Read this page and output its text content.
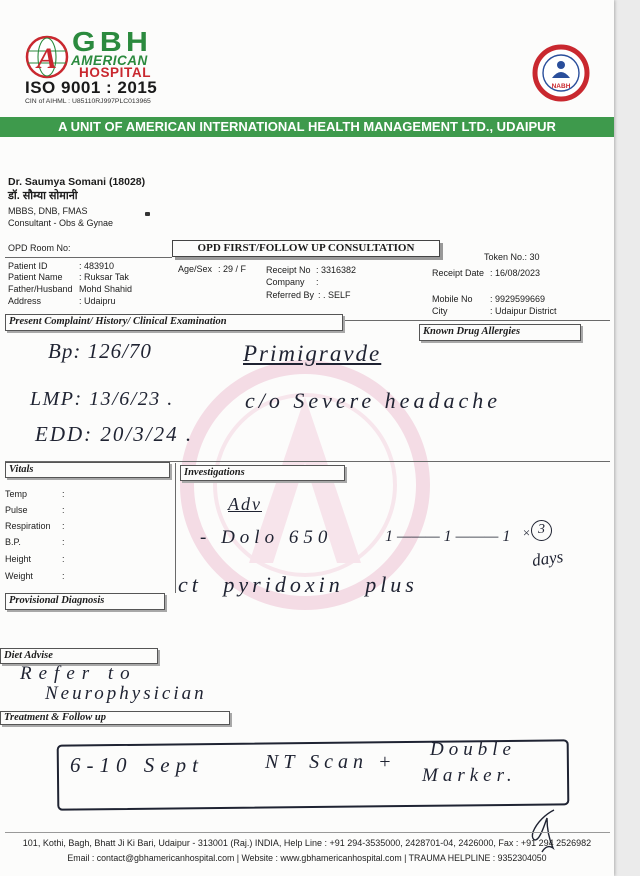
A
GBH
AMERICAN
HOSPITAL
ISO 9001 : 2015
CIN of AIHML : U85110RJ997PLC013965
NABH
A UNIT OF AMERICAN INTERNATIONAL HEALTH MANAGEMENT LTD., UDAIPUR
Dr. Saumya Somani (18028)
डॉ. सौम्या सोमानी
MBBS, DNB, FMAS
Consultant - Obs & Gynae
OPD Room No:	OPD FIRST/FOLLOW UP CONSULTATION
Token No.: 30
Patient ID	: 483910
Patient Name : Ruksar Tak
Father/Husband Mohd Shahid
Address	: Udaipru
Age/Sex : 29 / F Receipt No : 3316382
Company :
Referred By : . SELF
Receipt Date : 16/08/2023
Mobile No : 9929599669
City	: Udaipur District
Present Complaint/ History/ Clinical Examination
Known Drug Allergies
Bp: 126/70	Primigravde
LMP: 13/6/23 .	c/o Severe headache
EDD: 20/3/24 .
Vitals	Investigations
Temp	:
Pulse	:
Respiration :
B.P.	:
Height	:
Weight	:
Adv
- Dolo 650	1 ——— 1 ——— 1 × 3
days
ct pyridoxin plus
Provisional Diagnosis
Diet Advise
Refer to
Neurophysician
Treatment & Follow up
6-10 Sept	NT Scan +
Double
Marker.
101, Kothi, Bagh, Bhatt Ji Ki Bari, Udaipur - 313001 (Raj.) INDIA, Help Line : +91 294-3535000, 2428701-04, 2426000, Fax : +91 294 2526982
Email : contact@gbhamericanhospital.com | Website : www.gbhamericanhospital.com | TRAUMA HELPLINE : 9352304050
